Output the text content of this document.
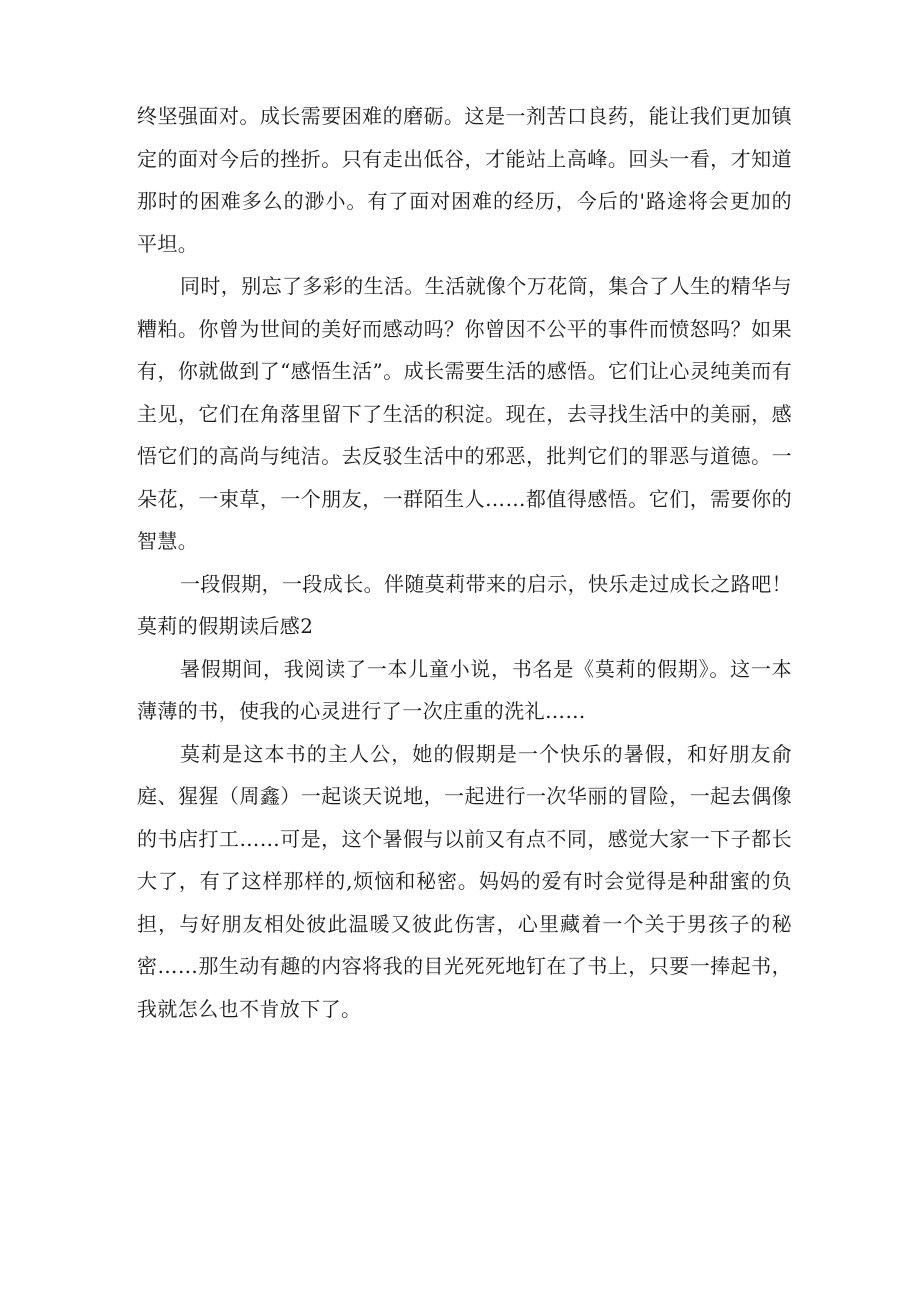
终坚强面对。成长需要困难的磨砺。这是一剂苦口良药，能让我们更加镇定的面对今后的挫折。只有走出低谷，才能站上高峰。回头一看，才知道那时的困难多么的渺小。有了面对困难的经历，今后的'路途将会更加的平坦。

同时，别忘了多彩的生活。生活就像个万花筒，集合了人生的精华与糟粕。你曾为世间的美好而感动吗？你曾因不公平的事件而愤怒吗？如果有，你就做到了“感悟生活”。成长需要生活的感悟。它们让心灵纯美而有主见，它们在角落里留下了生活的积淀。现在，去寻找生活中的美丽，感悟它们的高尚与纯洁。去反驳生活中的邪恶，批判它们的罪恶与道德。一朵花，一束草，一个朋友，一群陌生人……都值得感悟。它们，需要你的智慧。

一段假期，一段成长。伴随莫莉带来的启示，快乐走过成长之路吧！

莫莉的假期读后感2

暑假期间，我阅读了一本儿童小说，书名是《莫莉的假期》。这一本薄薄的书，使我的心灵进行了一次庄重的洗礼……

莫莉是这本书的主人公，她的假期是一个快乐的暑假，和好朋友俞庭、猩猩（周鑫）一起谈天说地，一起进行一次华丽的冒险，一起去偶像的书店打工……可是，这个暑假与以前又有点不同，感觉大家一下子都长大了，有了这样那样的,烦恼和秘密。妈妈的爱有时会觉得是种甜蜜的负担，与好朋友相处彼此温暖又彼此伤害，心里藏着一个关于男孩子的秘密……那生动有趣的内容将我的目光死死地钉在了书上，只要一捧起书，我就怎么也不肯放下了。
